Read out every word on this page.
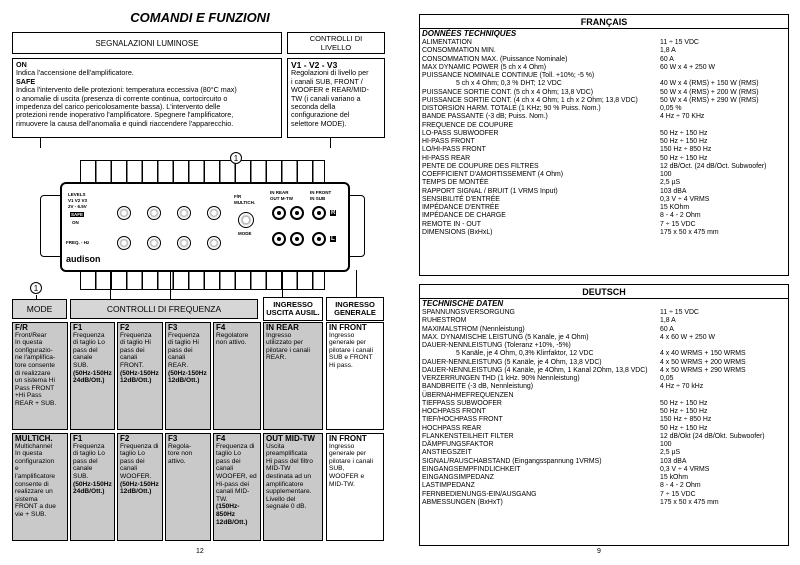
COMANDI E FUNZIONI
SEGNALAZIONI LUMINOSE	CONTROLLI DI LIVELLO
ON
Indica l'accensione dell'amplificatore.
SAFE
Indica l'intervento delle protezioni: temperatura eccessiva (80°C max)
o anomalie di uscita (presenza di corrente continua, cortocircuito o
impedenza del carico pericolosamente bassa). L'intervento delle
protezioni rende inoperativo l'amplificatore. Spegnere l'amplificatore,
rimuovere la causa dell'anomalia e quindi riaccendere l'apparecchio.
V1 - V2 - V3
Regolazioni di livello per
i canali SUB, FRONT /
WOOFER e REAR/MID-
TW (i canali variano a
seconda della
configurazione del
selettore MODE).
LEVELS
V1 V2 V3
2V - 6.5V
SAFE
ON
FREQ. - Hz
audison
F/R
MULTICH.
MODE
IN REAR
OUT M-TW
IN FRONT
IN SUB
R
L
1
1
MODE	CONTROLLI DI FREQUENZA	INGRESSO USCITA AUSIL.
INGRESSO GENERALE
F/R
Front/Rear
In questa
configurazio-
ne l'amplifica-
tore consente
di realizzare
un sistema Hi
Pass FRONT
+Hi Pass
REAR + SUB.
F1
Frequenza
di taglio Lo
pass del
canale
SUB.
(50Hz-150Hz
24dB/Ott.)
F2
Frequenza
di taglio Hi
pass dei
canali
FRONT.
(50Hz-150Hz
12dB/Ott.)
F3
Frequenza
di taglio Hi
pass dei
canali
REAR.
(50Hz-150Hz
12dB/Ott.)
F4
Regolatore
non attivo.
IN REAR
Ingresso
utilizzato per
pilotare i canali
REAR.
IN FRONT
Ingresso
generale per
pilotare i canali
SUB e FRONT
Hi pass.
MULTICH.
Multichannel
In questa
configurazion
e
l'amplificatore
consente di
realizzare un
sistema
FRONT a due
vie + SUB.
F1
Frequenza
di taglio Lo
pass del
canale
SUB.
(50Hz-150Hz
24dB/Ott.)
F2
Frequenza di
taglio Lo
pass dei
canali
WOOFER.
(50Hz-150Hz
12dB/Ott.)
F3
Regola-
tore non
attivo.
F4
Frequenza di
taglio Lo
pass dei
canali
WOOFER, ed
Hi-pass dei
canali MID-
TW.
(150Hz-850Hz
12dB/Ott.)
OUT MID-TW
Uscita
preamplificata
Hi pass del filtro
MID-TW
destinata ad un
amplificatore
supplementare.
Livello del
segnale 0 dB.
IN FRONT
Ingresso
generale per
pilotare i canali
SUB,
WOOFER e
MID-TW.
12
FRANÇAIS
DONNÉES TECHNIQUES
ALIMENTATION	11 ÷ 15 VDC
CONSOMMATION MIN.	1,8 A
CONSOMMATION MAX. (Puissance Nominale)	60 A
MAX DYNAMIC POWER (5 ch x 4 Ohm)	60 W x 4 + 250 W
PUISSANCE NOMINALE CONTINUE (Toll. +10%; -5 %)
5 ch x 4 Ohm; 0,3 % DHT; 12 VDC	40 W x 4 (RMS) + 150 W (RMS)
PUISSANCE SORTIE CONT. (5 ch x 4 Ohm; 13,8 VDC)	50 W x 4 (RMS) + 200 W (RMS)
PUISSANCE SORTIE CONT. (4 ch x 4 Ohm; 1 ch x 2 Ohm; 13,8 VDC)	50 W x 4 (RMS) + 290 W (RMS)
DISTORSION HARM. TOTALE (1 KHz; 90 % Puiss. Nom.)	0,05 %
BANDE PASSANTE (-3 dB; Puiss. Nom.)	4 Hz ÷ 70 KHz
FREQUENCE DE COUPURE
LO-PASS SUBWOOFER	50 Hz ÷ 150 Hz
HI-PASS FRONT	50 Hz ÷ 150 Hz
LO/HI-PASS FRONT	150 Hz ÷ 850 Hz
HI-PASS REAR	50 Hz ÷ 150 Hz
PENTE DE COUPURE DES FILTRES	12 dB/Oct. (24 dB/Oct. Subwoofer)
COEFFICIENT D'AMORTISSEMENT (4 Ohm)	100
TEMPS DE MONTÉE	2,5 µS
RAPPORT SIGNAL / BRUIT (1 VRMS Input)	103 dBA
SENSIBILITÉ D'ENTRÉE	0,3 V ÷ 4 VRMS
IMPÉDANCE D'ENTRÉE	15 KOhm
IMPÉDANCE DE CHARGE	8 - 4 - 2 Ohm
REMOTE IN - OUT	7 ÷ 15 VDC
DIMENSIONS (BxHxL)	175 x 50 x 475 mm
DEUTSCH
TECHNISCHE DATEN
SPANNUNGSVERSORGUNG	11 ÷ 15 VDC
RUHESTROM	1,8 A
MAXIMALSTROM (Nennleistung)	60 A
MAX. DYNAMISCHE LEISTUNG (5 Kanäle, je 4 Ohm)	4 x 60 W + 250 W
DAUER-NENNLEISTUNG (Toleranz +10%, -5%)
5 Kanäle, je 4 Ohm, 0,3% Klirrfaktor, 12 VDC	4 x 40 WRMS + 150 WRMS
DAUER-NENNLEISTUNG (5 Kanäle, je 4 Ohm, 13,8 VDC)	4 x 50 WRMS + 200 WRMS
DAUER-NENNLEISTUNG (4 Kanäle, je 4Ohm, 1 Kanal 2Ohm, 13,8 VDC) 4 x 50 WRMS + 290 WRMS
VERZERRUNGEN THD (1 kHz. 90% Nennleistung)	0,05
BANDBREITE (-3 dB, Nennleistung)	4 Hz ÷ 70 kHz
ÜBERNAHMEFREQUENZEN
TIEFPASS SUBWOOFER	50 Hz ÷ 150 Hz
HOCHPASS FRONT	50 Hz ÷ 150 Hz
TIEF/HOCHPASS FRONT	150 Hz ÷ 850 Hz
HOCHPASS REAR	50 Hz ÷ 150 Hz
FLANKENSTEILHEIT FILTER	12 dB/Okt (24 dB/Okt. Subwoofer)
DÄMPFUNGSFAKTOR	100
ANSTIEGSZEIT	2,5 µS
SIGNAL/RAUSCHABSTAND (Eingangsspannung 1VRMS)	103 dBA
EINGANGSEMPFINDLICHKEIT	0,3 V ÷ 4 VRMS
EINGANGSIMPEDANZ	15 kOhm
LASTIMPEDANZ	8 - 4 - 2 Ohm
FERNBEDIENUNGS-EIN/AUSGANG	7 ÷ 15 VDC
ABMESSUNGEN (BxHxT)	175 x 50 x 475 mm
9
